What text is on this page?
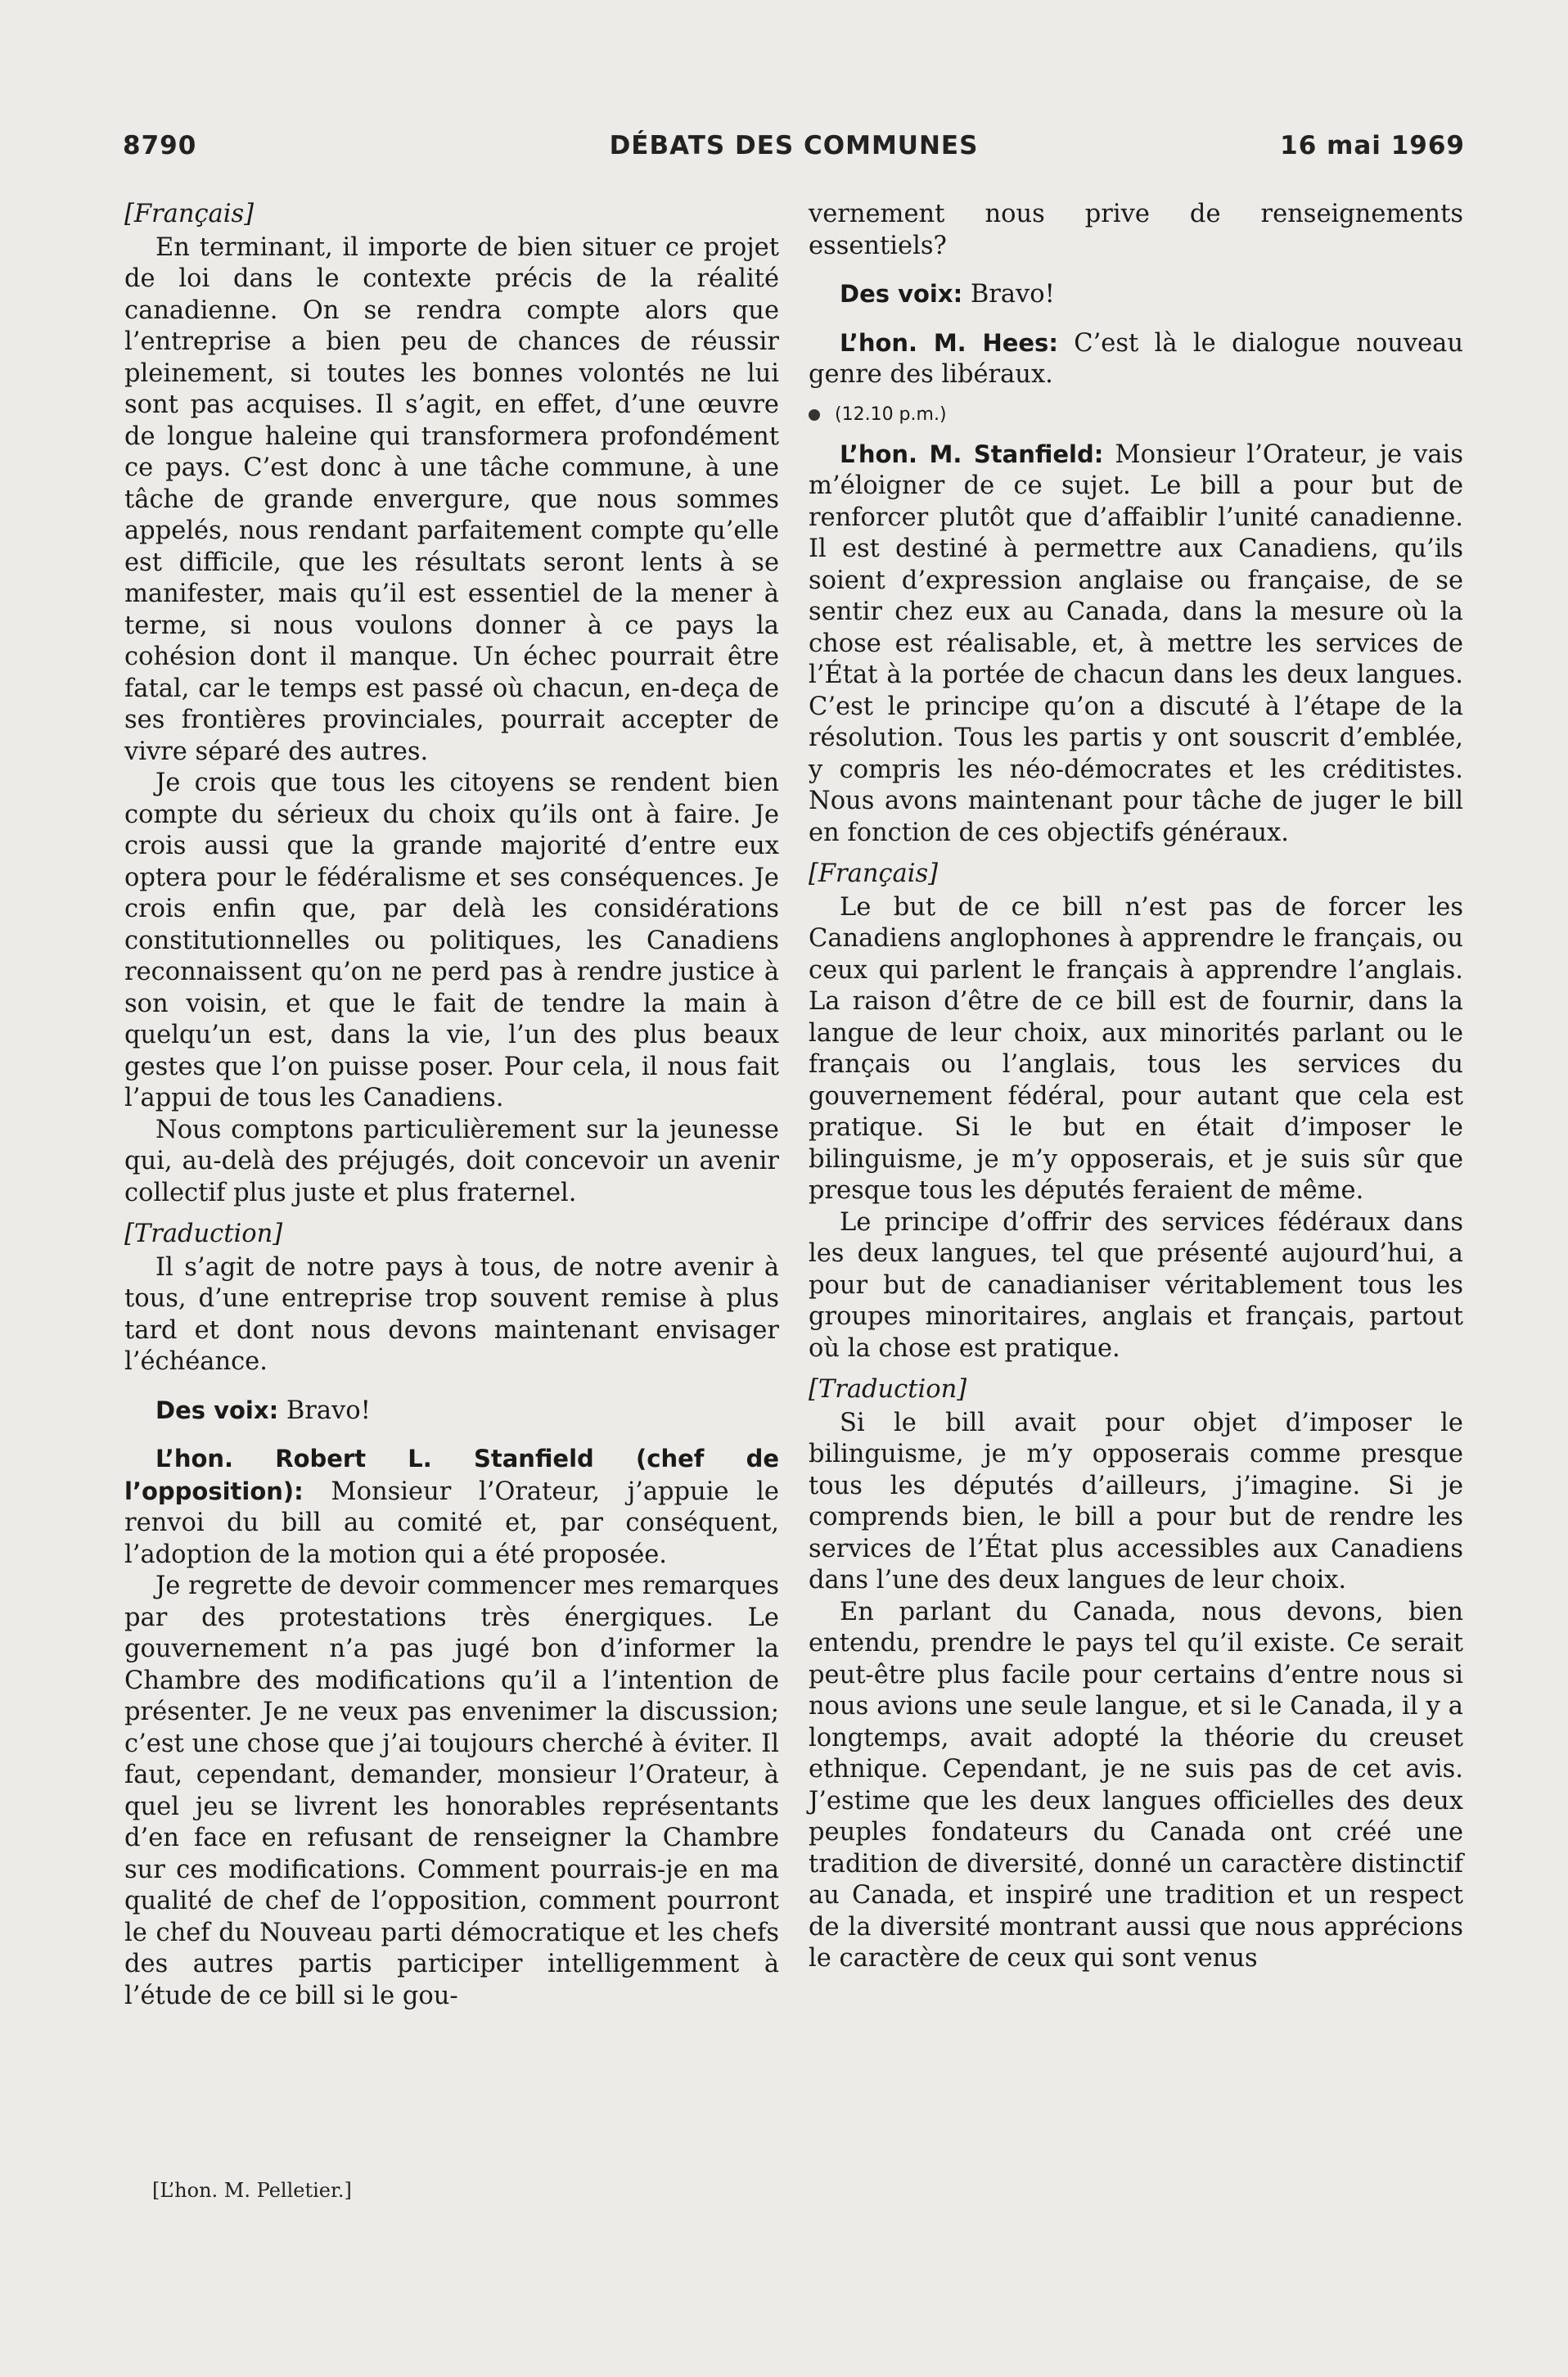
8790	DÉBATS DES COMMUNES	16 mai 1969

[Français]

En terminant, il importe de bien situer ce projet de loi dans le contexte précis de la réalité canadienne. On se rendra compte alors que l’entreprise a bien peu de chances de réussir pleinement, si toutes les bonnes volontés ne lui sont pas acquises. Il s’agit, en effet, d’une œuvre de longue haleine qui transformera profondément ce pays. C’est donc à une tâche commune, à une tâche de grande envergure, que nous sommes appelés, nous rendant parfaitement compte qu’elle est difficile, que les résultats seront lents à se manifester, mais qu’il est essentiel de la mener à terme, si nous voulons donner à ce pays la cohésion dont il manque. Un échec pourrait être fatal, car le temps est passé où chacun, en-deça de ses frontières provinciales, pourrait accepter de vivre séparé des autres.

Je crois que tous les citoyens se rendent bien compte du sérieux du choix qu’ils ont à faire. Je crois aussi que la grande majorité d’entre eux optera pour le fédéralisme et ses conséquences. Je crois enfin que, par delà les considérations constitutionnelles ou politiques, les Canadiens reconnaissent qu’on ne perd pas à rendre justice à son voisin, et que le fait de tendre la main à quelqu’un est, dans la vie, l’un des plus beaux gestes que l’on puisse poser. Pour cela, il nous fait l’appui de tous les Canadiens.

Nous comptons particulièrement sur la jeunesse qui, au-delà des préjugés, doit concevoir un avenir collectif plus juste et plus fraternel.

[Traduction]

Il s’agit de notre pays à tous, de notre avenir à tous, d’une entreprise trop souvent remise à plus tard et dont nous devons maintenant envisager l’échéance.

Des voix: Bravo!

L’hon. Robert L. Stanfield (chef de l’opposition): Monsieur l’Orateur, j’appuie le renvoi du bill au comité et, par conséquent, l’adoption de la motion qui a été proposée.

Je regrette de devoir commencer mes remarques par des protestations très énergiques. Le gouvernement n’a pas jugé bon d’informer la Chambre des modifications qu’il a l’intention de présenter. Je ne veux pas envenimer la discussion; c’est une chose que j’ai toujours cherché à éviter. Il faut, cependant, demander, monsieur l’Orateur, à quel jeu se livrent les honorables représentants d’en face en refusant de renseigner la Chambre sur ces modifications. Comment pourrais-je en ma qualité de chef de l’opposition, comment pourront le chef du Nouveau parti démocratique et les chefs des autres partis participer intelligemment à l’étude de ce bill si le gou-

vernement nous prive de renseignements essentiels?

Des voix: Bravo!

L’hon. M. Hees: C’est là le dialogue nouveau genre des libéraux.

(12.10 p.m.)

L’hon. M. Stanfield: Monsieur l’Orateur, je vais m’éloigner de ce sujet. Le bill a pour but de renforcer plutôt que d’affaiblir l’unité canadienne. Il est destiné à permettre aux Canadiens, qu’ils soient d’expression anglaise ou française, de se sentir chez eux au Canada, dans la mesure où la chose est réalisable, et, à mettre les services de l’État à la portée de chacun dans les deux langues. C’est le principe qu’on a discuté à l’étape de la résolution. Tous les partis y ont souscrit d’emblée, y compris les néo-démocrates et les créditistes. Nous avons maintenant pour tâche de juger le bill en fonction de ces objectifs généraux.

[Français]

Le but de ce bill n’est pas de forcer les Canadiens anglophones à apprendre le français, ou ceux qui parlent le français à apprendre l’anglais. La raison d’être de ce bill est de fournir, dans la langue de leur choix, aux minorités parlant ou le français ou l’anglais, tous les services du gouvernement fédéral, pour autant que cela est pratique. Si le but en était d’imposer le bilinguisme, je m’y opposerais, et je suis sûr que presque tous les députés feraient de même.

Le principe d’offrir des services fédéraux dans les deux langues, tel que présenté aujourd’hui, a pour but de canadianiser véritablement tous les groupes minoritaires, anglais et français, partout où la chose est pratique.

[Traduction]

Si le bill avait pour objet d’imposer le bilinguisme, je m’y opposerais comme presque tous les députés d’ailleurs, j’imagine. Si je comprends bien, le bill a pour but de rendre les services de l’État plus accessibles aux Canadiens dans l’une des deux langues de leur choix.

En parlant du Canada, nous devons, bien entendu, prendre le pays tel qu’il existe. Ce serait peut-être plus facile pour certains d’entre nous si nous avions une seule langue, et si le Canada, il y a longtemps, avait adopté la théorie du creuset ethnique. Cependant, je ne suis pas de cet avis. J’estime que les deux langues officielles des deux peuples fondateurs du Canada ont créé une tradition de diversité, donné un caractère distinctif au Canada, et inspiré une tradition et un respect de la diversité montrant aussi que nous apprécions le caractère de ceux qui sont venus

[L’hon. M. Pelletier.]
